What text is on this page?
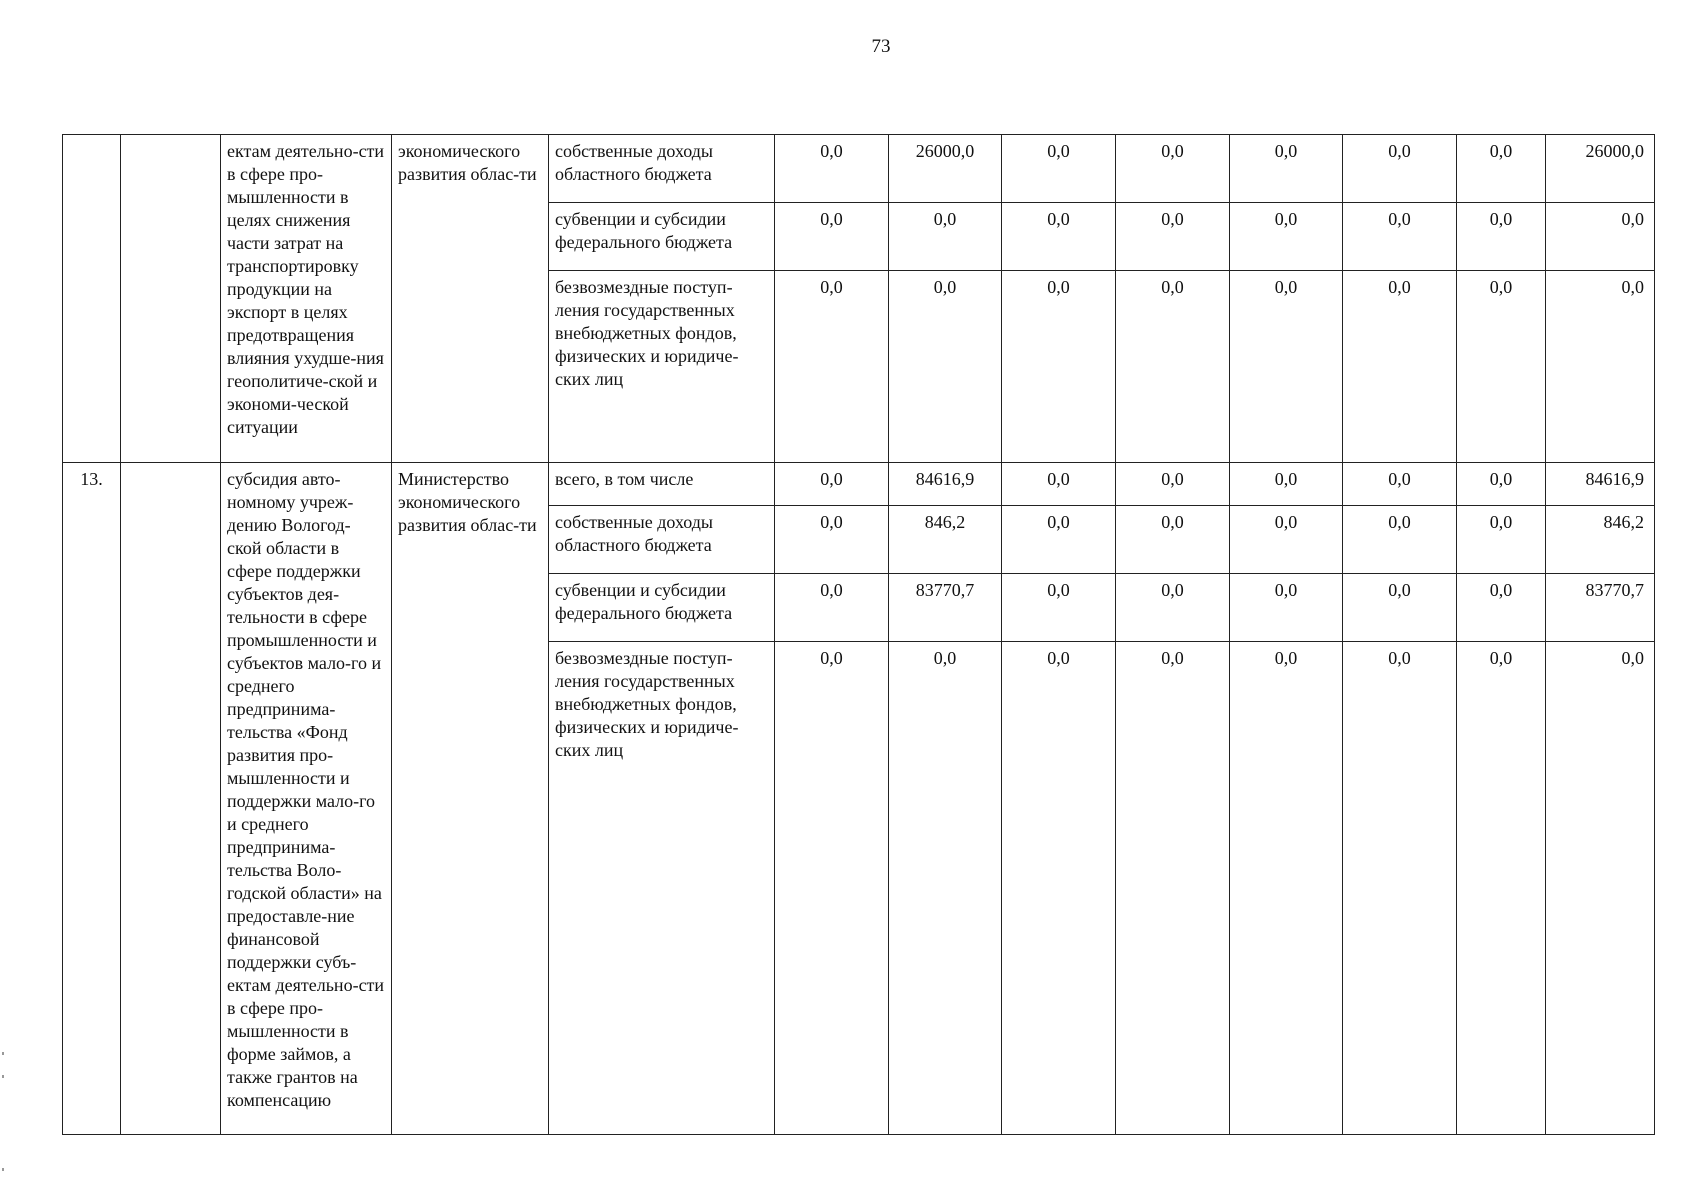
73
		ектам деятельно-сти в сфере про-мышленности в целях снижения части затрат на транспортировку продукции на экспорт в целях предотвращения влияния ухудше-ния геополитиче-ской и экономи-ческой ситуации	экономического развития облас-ти	собственные доходы областного бюджета	0,0	26000,0	0,0	0,0	0,0	0,0	0,0	26000,0
				субвенции и субсидии федерального бюджета	0,0	0,0	0,0	0,0	0,0	0,0	0,0	0,0
				безвозмездные поступ-ления государственных внебюджетных фондов, физических и юридиче-ских лиц	0,0	0,0	0,0	0,0	0,0	0,0	0,0	0,0
13.		субсидия авто-номному учреж-дению Вологод-ской области в сфере поддержки субъектов дея-тельности в сфере промышленности и субъектов мало-го и среднего предпринима-тельства «Фонд развития про-мышленности и поддержки мало-го и среднего предпринима-тельства Воло-годской области» на предоставле-ние финансовой поддержки субъ-ектам деятельно-сти в сфере про-мышленности в форме займов, а также грантов на компенсацию	Министерство экономического развития облас-ти	всего, в том числе	0,0	84616,9	0,0	0,0	0,0	0,0	0,0	84616,9
				собственные доходы областного бюджета	0,0	846,2	0,0	0,0	0,0	0,0	0,0	846,2
				субвенции и субсидии федерального бюджета	0,0	83770,7	0,0	0,0	0,0	0,0	0,0	83770,7
				безвозмездные поступ-ления государственных внебюджетных фондов, физических и юридиче-ских лиц	0,0	0,0	0,0	0,0	0,0	0,0	0,0	0,0
